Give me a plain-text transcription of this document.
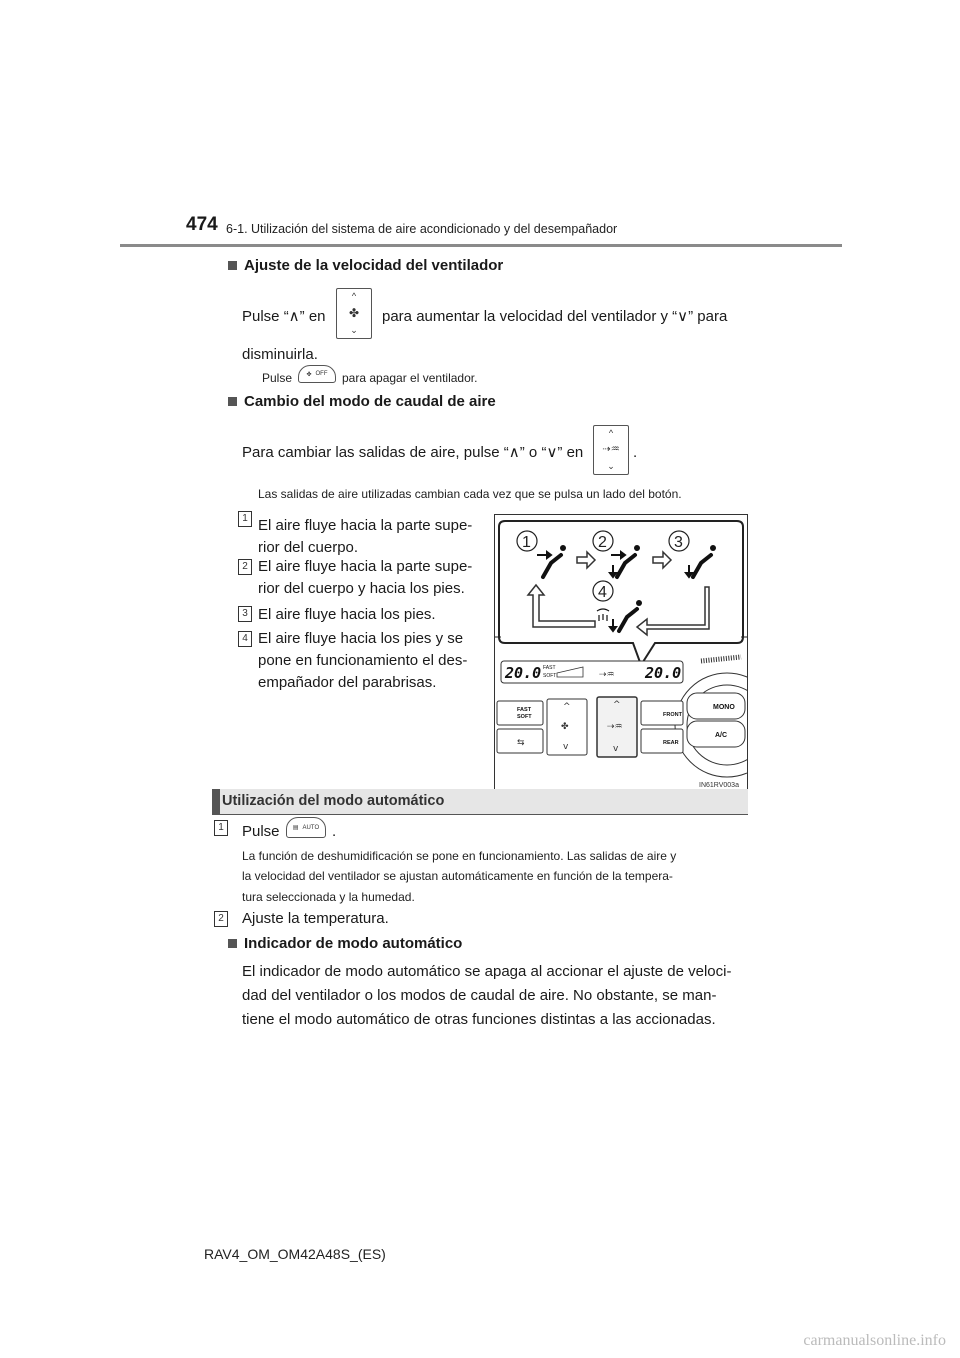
474 6-1. Utilización del sistema de aire acondicionado y del desempañador
Ajuste de la velocidad del ventilador
Pulse “∧” en
^
✤
⌄
para aumentar la velocidad del ventilador y “∨” para
disminuirla.
Pulse ✤ OFF para apagar el ventilador.
Cambio del modo de caudal de aire
Para cambiar las salidas de aire, pulse “∧” o “∨” en
^
⇢♒
⌄
.
Las salidas de aire utilizadas cambian cada vez que se pulsa un lado del botón.
1 El aire fluye hacia la parte supe-
rior del cuerpo.
2 El aire fluye hacia la parte supe-
rior del cuerpo y hacia los pies.
3 El aire fluye hacia los pies.
4 El aire fluye hacia los pies y se
pone en funcionamiento el des-
empañador del parabrisas.
1	2	3
4
20.0	20.0
FAST
SOFT	⇢♒
MONO
A/C
FAST
SOFT	FRONT
REAR
^
✤
v
^
⇢♒
v
⇆
IN61RV003a
Utilización del modo automático
1 Pulse ▤ AUTO .
La función de deshumidificación se pone en funcionamiento. Las salidas de aire y
la velocidad del ventilador se ajustan automáticamente en función de la tempera-
tura seleccionada y la humedad.
2 Ajuste la temperatura.
Indicador de modo automático
El indicador de modo automático se apaga al accionar el ajuste de veloci-
dad del ventilador o los modos de caudal de aire. No obstante, se man-
tiene el modo automático de otras funciones distintas a las accionadas.
RAV4_OM_OM42A48S_(ES)
carmanualsonline.info
